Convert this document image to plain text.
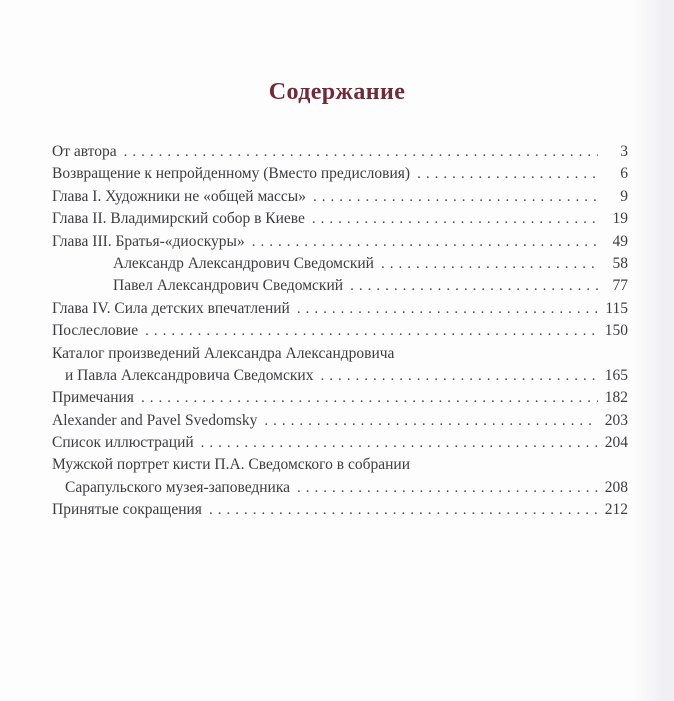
Содержание
От автора .....	3
Возвращение к непройденному (Вместо предисловия) .....	6
Глава I. Художники не «общей массы» .....	9
Глава II. Владимирский собор в Киеве .....	19
Глава III. Братья-«диоскуры» .....	49
Александр Александрович Сведомский .....	58
Павел Александрович Сведомский .....	77
Глава IV. Сила детских впечатлений .....	115
Послесловие .....	150
Каталог произведений Александра Александровича
и Павла Александровича Сведомских .....	165
Примечания .....	182
Alexander and Pavel Svedomsky .....	203
Список иллюстраций .....	204
Мужской портрет кисти П.А. Сведомского в собрании
Сарапульского музея-заповедника .....	208
Принятые сокращения .....	212
